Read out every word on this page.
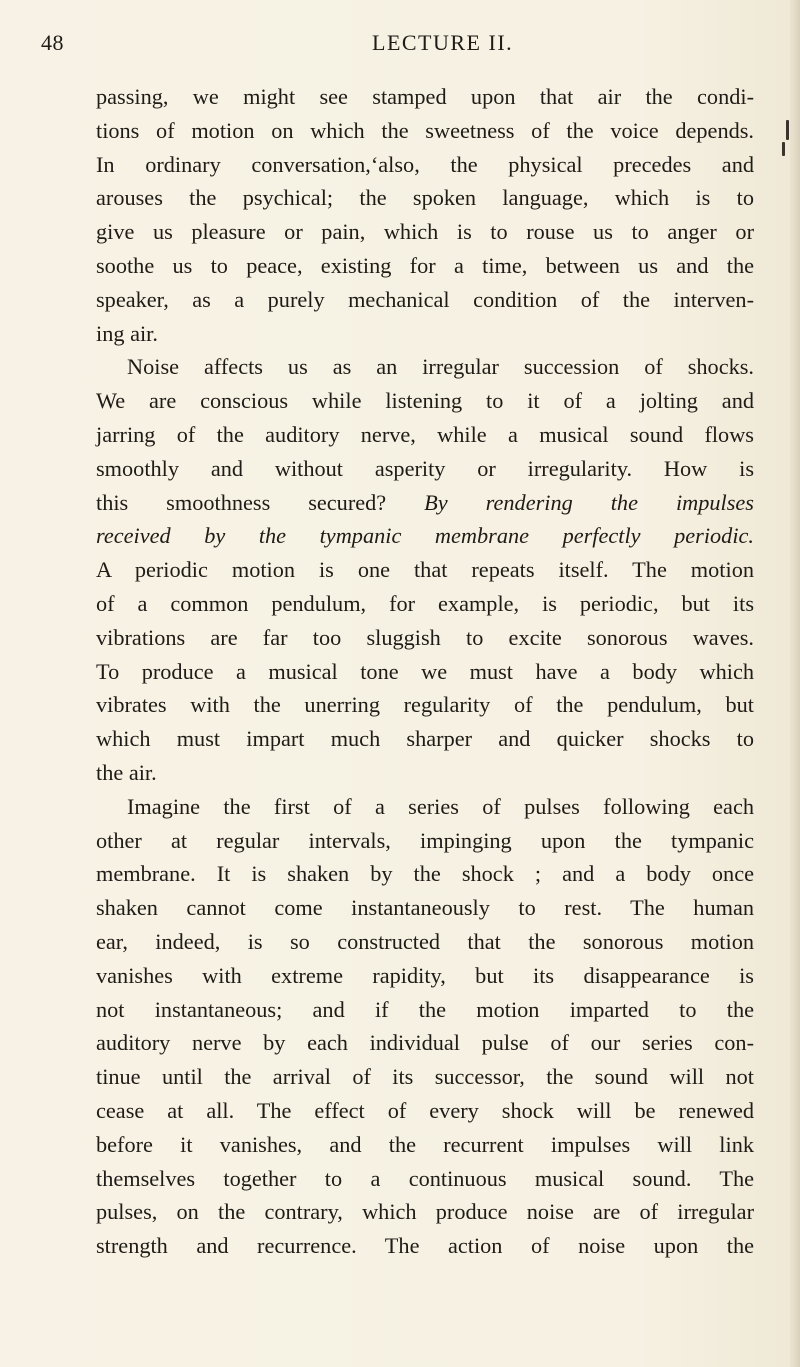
48	LECTURE II.
passing, we might see stamped upon that air the condi-
tions of motion on which the sweetness of the voice depends.
In ordinary conversation,‘also, the physical precedes and
arouses the psychical; the spoken language, which is to
give us pleasure or pain, which is to rouse us to anger or
soothe us to peace, existing for a time, between us and the
speaker, as a purely mechanical condition of the interven-
ing air.
Noise affects us as an irregular succession of shocks.
We are conscious while listening to it of a jolting and
jarring of the auditory nerve, while a musical sound flows
smoothly and without asperity or irregularity. How is
this smoothness secured? By rendering the impulses
received by the tympanic membrane perfectly periodic.
A periodic motion is one that repeats itself. The motion
of a common pendulum, for example, is periodic, but its
vibrations are far too sluggish to excite sonorous waves.
To produce a musical tone we must have a body which
vibrates with the unerring regularity of the pendulum, but
which must impart much sharper and quicker shocks to
the air.
Imagine the first of a series of pulses following each
other at regular intervals, impinging upon the tympanic
membrane. It is shaken by the shock ; and a body once
shaken cannot come instantaneously to rest. The human
ear, indeed, is so constructed that the sonorous motion
vanishes with extreme rapidity, but its disappearance is
not instantaneous; and if the motion imparted to the
auditory nerve by each individual pulse of our series con-
tinue until the arrival of its successor, the sound will not
cease at all. The effect of every shock will be renewed
before it vanishes, and the recurrent impulses will link
themselves together to a continuous musical sound. The
pulses, on the contrary, which produce noise are of irregular
strength and recurrence. The action of noise upon the
